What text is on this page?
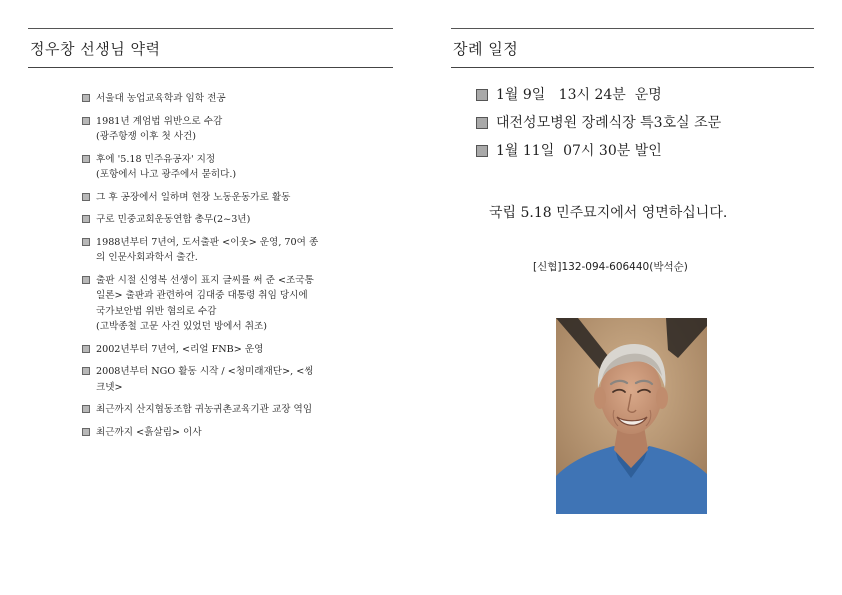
정우창 선생님 약력
서울대 농업교육학과 임학 전공
1981년 계엄법 위반으로 수감
(광주항쟁 이후 첫 사건)
후에 '5.18 민주유공자' 지정
(포항에서 나고 광주에서 묻히다.)
그 후 공장에서 일하며 현장 노동운동가로 활동
구로 민중교회운동연합 총무(2~3년)
1988년부터 7년여, 도서출판 <이웃> 운영, 70여 종
의 인문사회과학서 출간.
출판 시절 신영복 선생이 표지 글씨를 써 준 <조국통
일론> 출판과 관련하여 김대중 대통령 취임 당시에
국가보안법 위반 혐의로 수감
(고박종철 고문 사건 있었던 방에서 취조)
2002년부터 7년여, <리얼 FNB> 운영
2008년부터 NGO 활동 시작 / <청미래재단>, <씽
크넷>
최근까지 산지협동조합 귀농귀촌교육기관 교장 역임
최근까지 <흙살림> 이사
장례 일정
1월 9일   13시 24분  운명
대전성모병원 장례식장 특3호실 조문
1월 11일  07시 30분 발인
국립 5.18 민주묘지에서 영면하십니다.
[신협]132-094-606440(박석순)
